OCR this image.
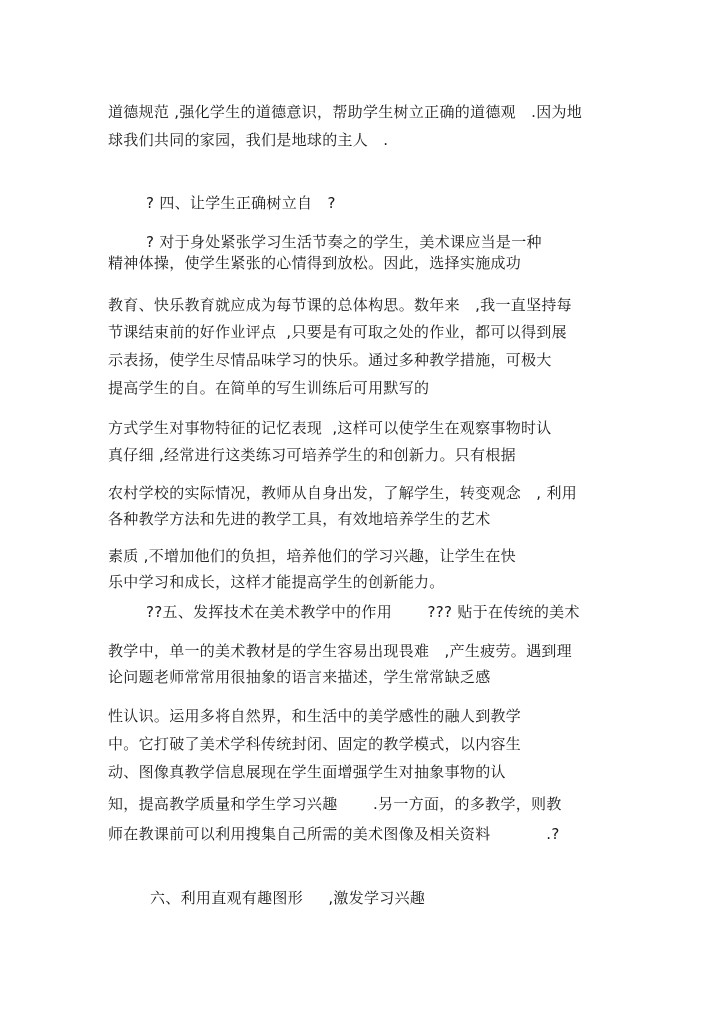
道德规范 ,强化学生的道德意识，帮助学生树立正确的道德观   .因为地
球我们共同的家园，我们是地球的主人   .
? 四、让学生正确树立自   ?
? 对于身处紧张学习生活节奏之的学生，美术课应当是一种
精神体操，使学生紧张的心情得到放松。因此，选择实施成功
教育、快乐教育就应成为每节课的总体构思。数年来   ,我一直坚持每
节课结束前的好作业评点  ,只要是有可取之处的作业，都可以得到展
示表扬，使学生尽情品味学习的快乐。通过多种教学措施，可极大
提高学生的自。在简单的写生训练后可用默写的
方式学生对事物特征的记忆表现  ,这样可以使学生在观察事物时认
真仔细 ,经常进行这类练习可培养学生的和创新力。只有根据
农村学校的实际情况，教师从自身出发，了解学生，转变观念   , 利用
各种教学方法和先进的教学工具，有效地培养学生的艺术
素质 ,不增加他们的负担，培养他们的学习兴趣，让学生在快
乐中学习和成长，这样才能提高学生的创新能力。
??五、发挥技术在美术教学中的作用       ??? 贴于在传统的美术
教学中，单一的美术教材是的学生容易出现畏难   ,产生疲劳。遇到理
论问题老师常常用很抽象的语言来描述，学生常常缺乏感
性认识。运用多将自然界，和生活中的美学感性的融人到教学
中。它打破了美术学科传统封闭、固定的教学模式，以内容生
动、图像真教学信息展现在学生面增强学生对抽象事物的认
知，提高教学质量和学生学习兴趣       .另一方面，的多教学，则教
师在教课前可以利用搜集自己所需的美术图像及相关资料           .?
六、利用直观有趣图形     ,激发学习兴趣
